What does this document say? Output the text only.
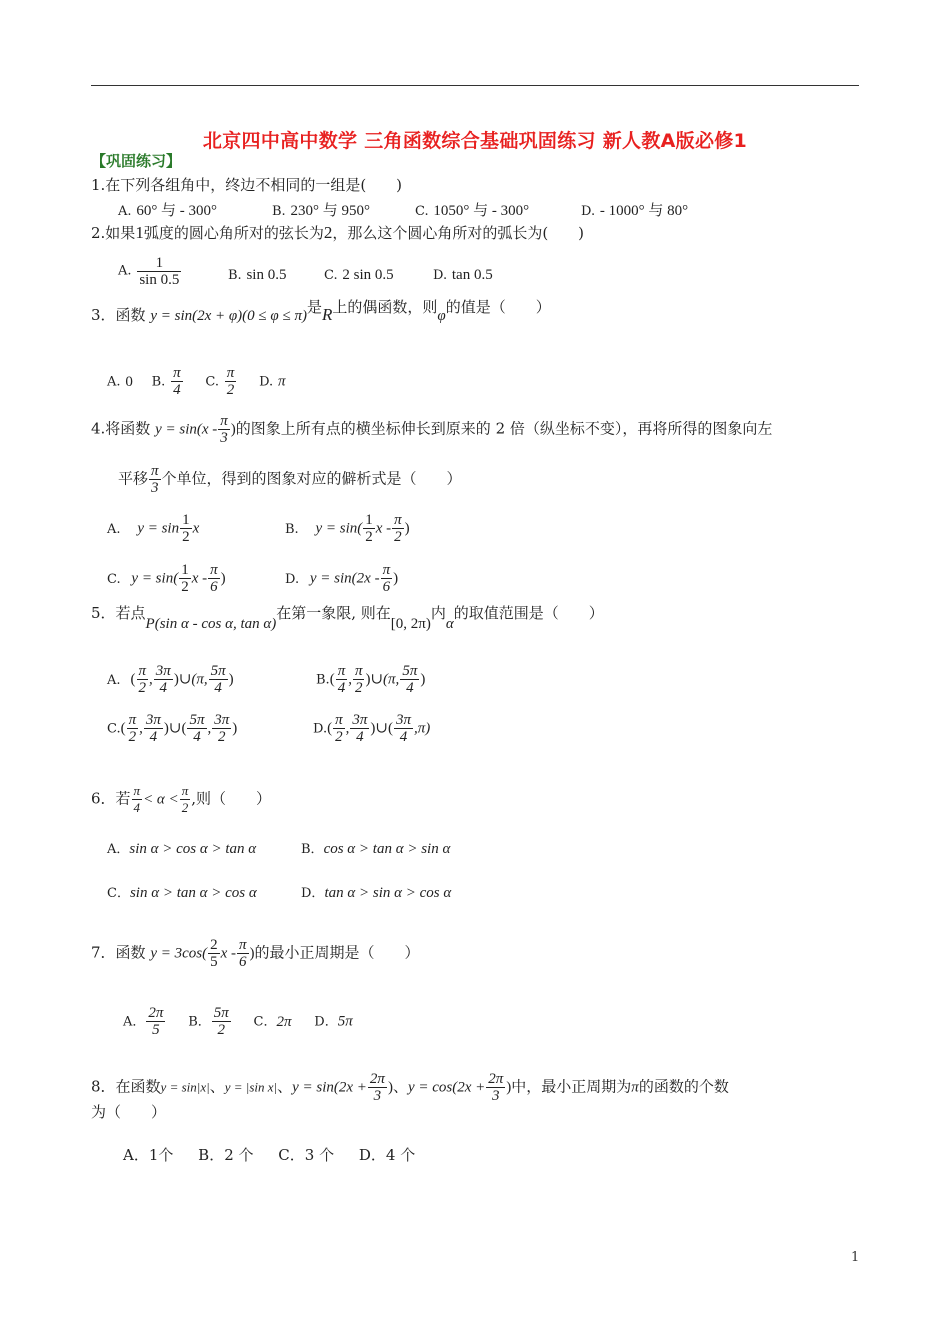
北京四中高中数学 三角函数综合基础巩固练习 新人教A版必修1
【巩固练习】
1.在下列各组角中，终边不相同的一组是(　　)
A. 60° 与 - 300°	B. 230° 与 950°	C. 1050° 与 - 300°	D. - 1000° 与 80°
2.如果1弧度的圆心角所对的弦长为2，那么这个圆心角所对的弧长为(　　)
A. $\frac{1}{\sin 0.5}$	B. sin 0.5	C. 2 sin 0.5	D. tan 0.5
3．函数 y = sin(2x + φ)(0 ≤ φ ≤ π)是R上的偶函数，则φ的值是（　　）
A. 0 B. $\frac{\pi}{4} C$. $\frac{\pi}{2} D$. π
4.将函数 $y = \sin(x - \frac{\pi}{3}$ )的图象上所有点的横坐标伸长到原来的 2 倍（纵坐标不变），再将所得的图象向左
平移 $\frac{\pi}{3}$ 个单位，得到的图象对应的僻析式是（　　）
A. $y = \sin \frac{1}{2}$ x	B. $y = \sin( \frac{1}{2}$ x - $\frac{\pi}{2}$ )
C. $y = \sin( \frac{1}{2}$ x - $\frac{\pi}{6}$ )	D. $y = \sin(2x - \frac{\pi}{6}$ )
5．若点P(sin α - cos α, tan α)在第一象限, 则在[0, 2π)内α的取值范围是（　　）
A. ( $\frac{\pi}{2}$ , $\frac{3\pi}{4}$ )∪(π, $\frac{5\pi}{4}$ )	$B.( \frac{\pi}{4}$ , $\frac{\pi}{2}$ )∪(π, $\frac{5\pi}{4}$ )
$C.( \frac{\pi}{2}$ , $\frac{3\pi}{4}$ )∪( $\frac{5\pi}{4}$ , $\frac{3\pi}{2}$ )	$D.( \frac{\pi}{2}$ , $\frac{3\pi}{4}$ )∪( $\frac{3\pi}{4} ,\pi$)
6．若 $\frac{\pi}{4} < \alpha < \frac{\pi}{2}$ ,则（　　）
A．sin α > cos α > tan α	B．cos α > tan α > sin α
C．sin α > tan α > cos α	D．tan α > sin α > cos α
7．函数 $y = 3\cos( \frac{2}{5}$ x - $\frac{\pi}{6}$ )的最小正周期是（　　）
A． $\frac{2\pi}{5}$ B． $\frac{5\pi}{2}$ C．2π D．5π
8．在函数y = sin|x|、y = |sin x|、$y = \sin(2x + \frac{2\pi}{3}$ )、$y = \cos(2x + \frac{2\pi}{3}$ )中，最小正周期为π的函数的个数
为（　　）
A．1个 B．2 个 C．3 个 D．4 个
1
